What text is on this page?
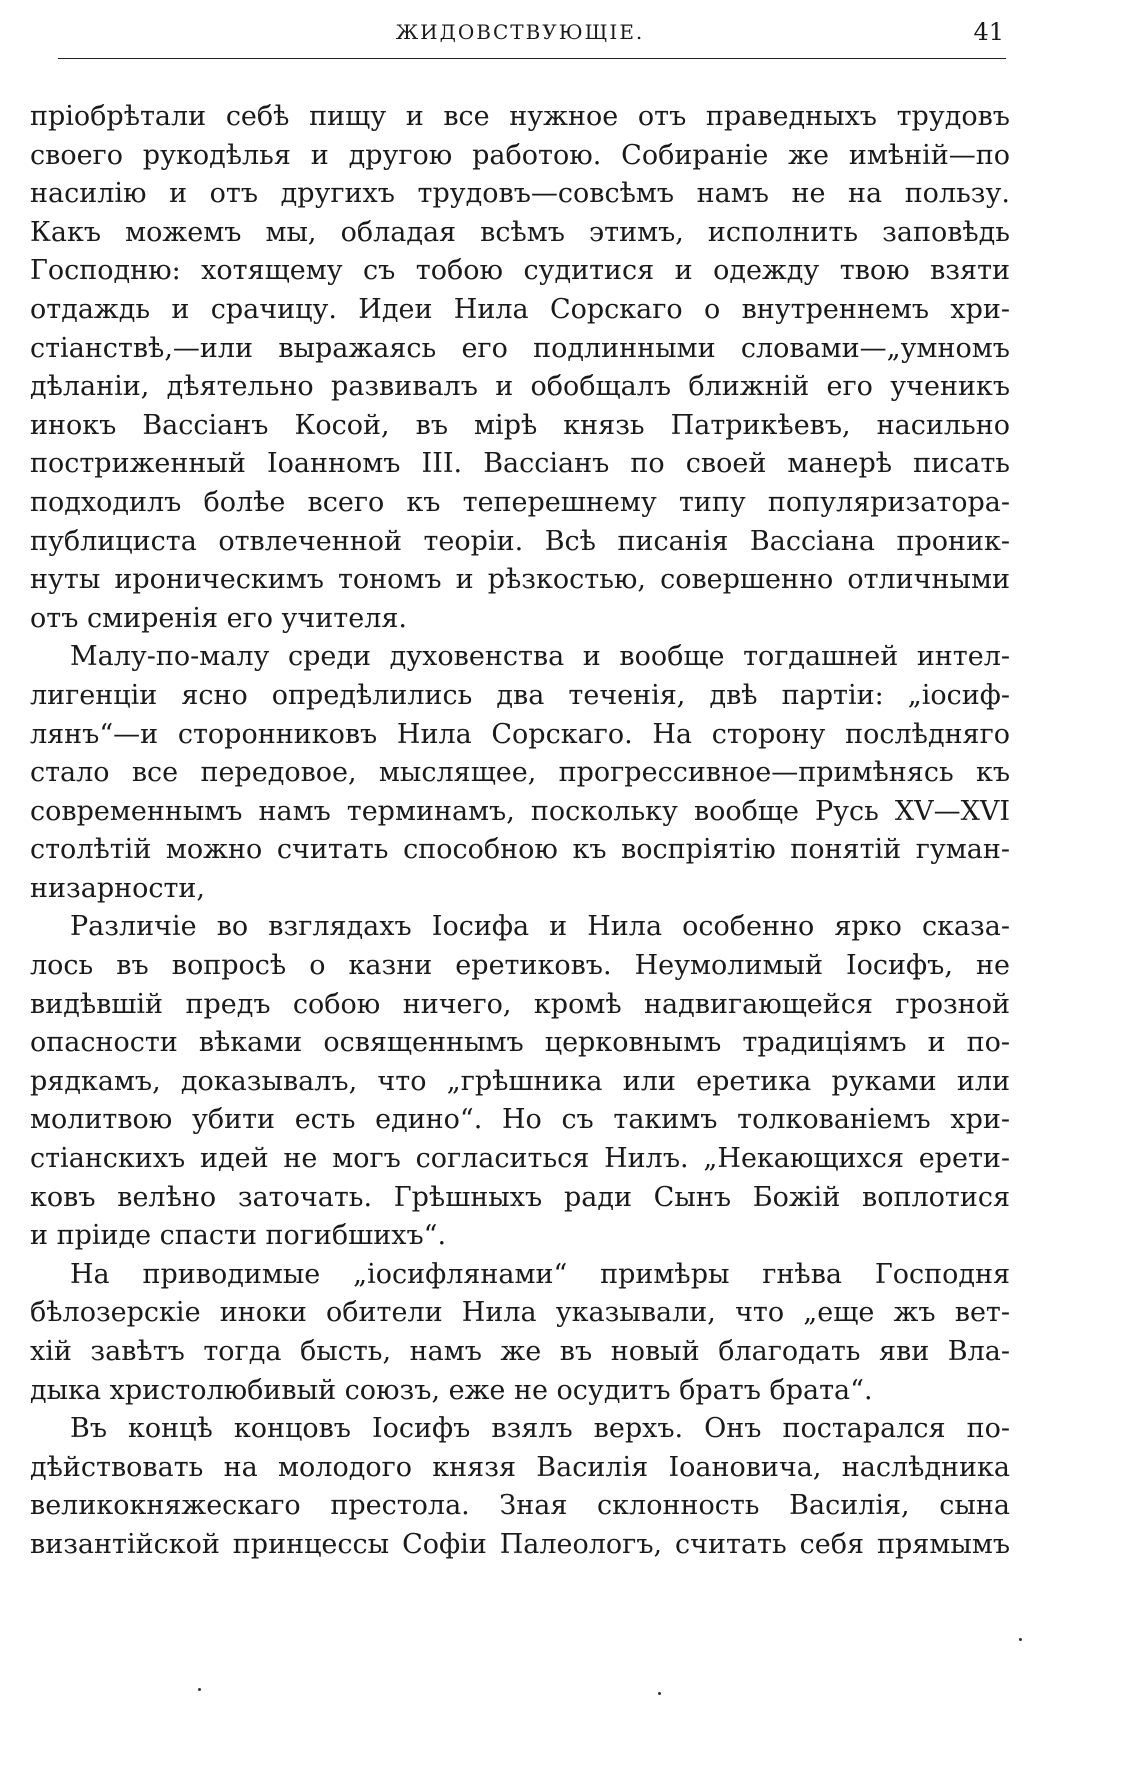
ЖИДОВСТВУЮЩІЕ.	41
пріобрѣтали себѣ пищу и все нужное отъ праведныхъ трудовъ
своего рукодѣлья и другою работою. Собираніе же имѣній—по
насилію и отъ другихъ трудовъ—совсѣмъ намъ не на пользу.
Какъ можемъ мы, обладая всѣмъ этимъ, исполнить заповѣдь
Господню: хотящему съ тобою судитися и одежду твою взяти
отдаждь и срачицу. Идеи Нила Сорскаго о внутреннемъ хри-
стіанствѣ,—или выражаясь его подлинными словами—„умномъ
дѣланіи, дѣятельно развивалъ и обобщалъ ближній его ученикъ
инокъ Вассіанъ Косой, въ мірѣ князь Патрикѣевъ, насильно
постриженный Іоанномъ III. Вассіанъ по своей манерѣ писать
подходилъ болѣе всего къ теперешнему типу популяризатора-
публициста отвлеченной теоріи. Всѣ писанія Вассіана проник-
нуты ироническимъ тономъ и рѣзкостью, совершенно отличными
отъ смиренія его учителя.
Малу-по-малу среди духовенства и вообще тогдашней интел-
лигенціи ясно опредѣлились два теченія, двѣ партіи: „іосиф-
лянъ“—и сторонниковъ Нила Сорскаго. На сторону послѣдняго
стало все передовое, мыслящее, прогрессивное—примѣнясь къ
современнымъ намъ терминамъ, поскольку вообще Русь XV—XVI
столѣтій можно считать способною къ воспріятію понятій гуман-
низарности,
Различіе во взглядахъ Іосифа и Нила особенно ярко сказа-
лось въ вопросѣ о казни еретиковъ. Неумолимый Іосифъ, не
видѣвшій предъ собою ничего, кромѣ надвигающейся грозной
опасности вѣками освященнымъ церковнымъ традиціямъ и по-
рядкамъ, доказывалъ, что „грѣшника или еретика руками или
молитвою убити есть едино“. Но съ такимъ толкованіемъ хри-
стіанскихъ идей не могъ согласиться Нилъ. „Некающихся ерети-
ковъ велѣно заточать. Грѣшныхъ ради Сынъ Божій воплотися
и пріиде спасти погибшихъ“.
На приводимые „іосифлянами“ примѣры гнѣва Господня
бѣлозерскіе иноки обители Нила указывали, что „еще жъ вет-
хій завѣтъ тогда бысть, намъ же въ новый благодать яви Вла-
дыка христолюбивый союзъ, еже не осудитъ братъ брата“.
Въ концѣ концовъ Іосифъ взялъ верхъ. Онъ постарался по-
дѣйствовать на молодого князя Василія Іоановича, наслѣдника
великокняжескаго престола. Зная склонность Василія, сына
византійской принцессы Софіи Палеологъ, считать себя прямымъ
